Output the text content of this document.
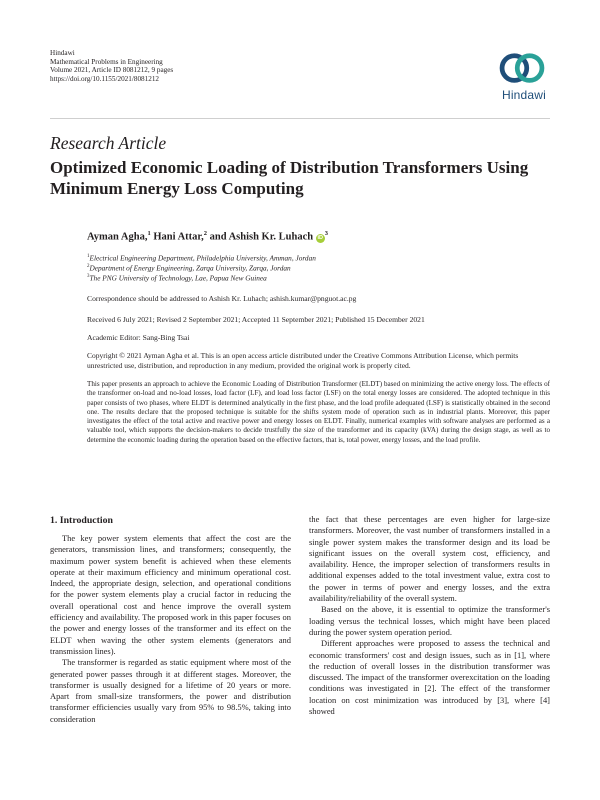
Hindawi
Mathematical Problems in Engineering
Volume 2021, Article ID 8081212, 9 pages
https://doi.org/10.1155/2021/8081212
Hindawi
Research Article
Optimized Economic Loading of Distribution Transformers Using Minimum Energy Loss Computing
Ayman Agha,$^1$ Hani Attar,$^2$ and Ashish Kr. Luhach $iD^3$
$^1$Electrical Engineering Department, Philadelphia University, Amman, Jordan
$^2$Department of Energy Engineering, Zarqa University, Zarqa, Jordan
$^3$The PNG University of Technology, Lae, Papua New Guinea
Correspondence should be addressed to Ashish Kr. Luhach; ashish.kumar@pnguot.ac.pg
Received 6 July 2021; Revised 2 September 2021; Accepted 11 September 2021; Published 15 December 2021
Academic Editor: Sang-Bing Tsai
Copyright © 2021 Ayman Agha et al. This is an open access article distributed under the Creative Commons Attribution License, which permits unrestricted use, distribution, and reproduction in any medium, provided the original work is properly cited.
This paper presents an approach to achieve the Economic Loading of Distribution Transformer (ELDT) based on minimizing the active energy loss. The effects of the transformer on-load and no-load losses, load factor (LF), and load loss factor (LSF) on the total energy losses are considered. The adopted technique in this paper consists of two phases, where ELDT is determined analytically in the first phase, and the load profile adequated (LSF) is statistically obtained in the second one. The results declare that the proposed technique is suitable for the shifts system mode of operation such as in industrial plants. Moreover, this paper investigates the effect of the total active and reactive power and energy losses on ELDT. Finally, numerical examples with software analyses are performed as a valuable tool, which supports the decision-makers to decide trustfully the size of the transformer and its capacity (kVA) during the design stage, as well as to determine the economic loading during the operation based on the effective factors, that is, total power, energy losses, and the load profile.
1. Introduction

The key power system elements that affect the cost are the generators, transmission lines, and transformers; consequently, the maximum power system benefit is achieved when these elements operate at their maximum efficiency and minimum operational cost. Indeed, the appropriate design, selection, and operational conditions for the power system elements play a crucial factor in reducing the overall operational cost and hence improve the overall system efficiency and availability. The proposed work in this paper focuses on the power and energy losses of the transformer and its effect on the ELDT when waving the other system elements (generators and transmission lines).

The transformer is regarded as static equipment where most of the generated power passes through it at different stages. Moreover, the transformer is usually designed for a lifetime of 20 years or more. Apart from small-size transformers, the power and distribution transformer efficiencies usually vary from 95% to 98.5%, taking into consideration

the fact that these percentages are even higher for large-size transformers. Moreover, the vast number of transformers installed in a single power system makes the transformer design and its load be significant issues on the overall system cost, efficiency, and availability. Hence, the improper selection of transformers results in additional expenses added to the total investment value, extra cost to the power in terms of power and energy losses, and the extra availability/reliability of the overall system.

Based on the above, it is essential to optimize the transformer's loading versus the technical losses, which might have been placed during the power system operation period.

Different approaches were proposed to assess the technical and economic transformers' cost and design issues, such as in [1], where the reduction of overall losses in the distribution transformer was discussed. The impact of the transformer overexcitation on the loading conditions was investigated in [2]. The effect of the transformer location on cost minimization was introduced by [3], where [4] showed
